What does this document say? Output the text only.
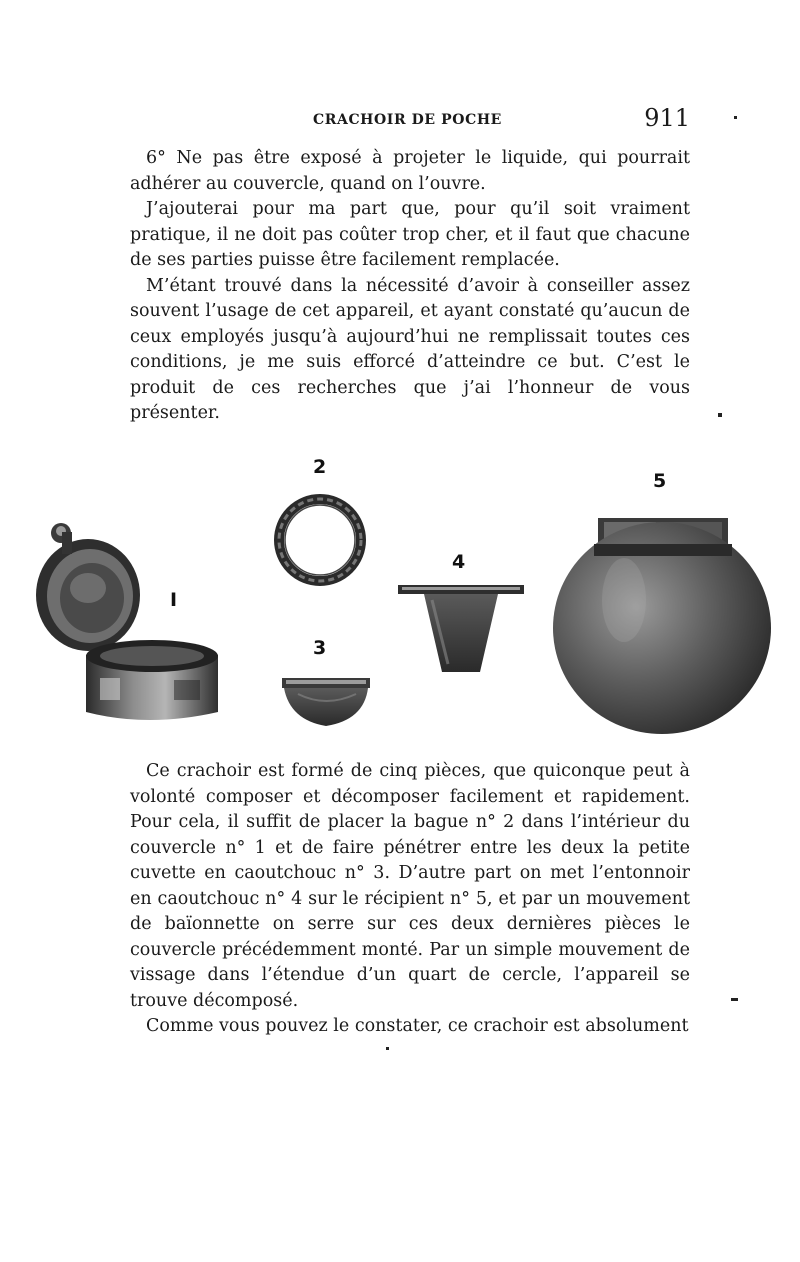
CRACHOIR DE POCHE	911

6° Ne pas être exposé à projeter le liquide, qui pourrait adhérer au couvercle, quand on l’ouvre.

J’ajouterai pour ma part que, pour qu’il soit vraiment pratique, il ne doit pas coûter trop cher, et il faut que chacune de ses parties puisse être facilement remplacée.

M’étant trouvé dans la nécessité d’avoir à conseiller assez souvent l’usage de cet appareil, et ayant constaté qu’aucun de ceux employés jusqu’à aujourd’hui ne remplissait toutes ces conditions, je me suis efforcé d’atteindre ce but. C’est le produit de ces recherches que j’ai l’honneur de vous présenter.

I
2
3
4
5

Ce crachoir est formé de cinq pièces, que quiconque peut à volonté composer et décomposer facilement et rapidement. Pour cela, il suffit de placer la bague n° 2 dans l’intérieur du couvercle n° 1 et de faire pénétrer entre les deux la petite cuvette en caoutchouc n° 3. D’autre part on met l’entonnoir en caoutchouc n° 4 sur le récipient n° 5, et par un mouvement de baïonnette on serre sur ces deux dernières pièces le couvercle précédemment monté. Par un simple mouvement de vissage dans l’étendue d’un quart de cercle, l’appareil se trouve décomposé.

Comme vous pouvez le constater, ce crachoir est absolument
